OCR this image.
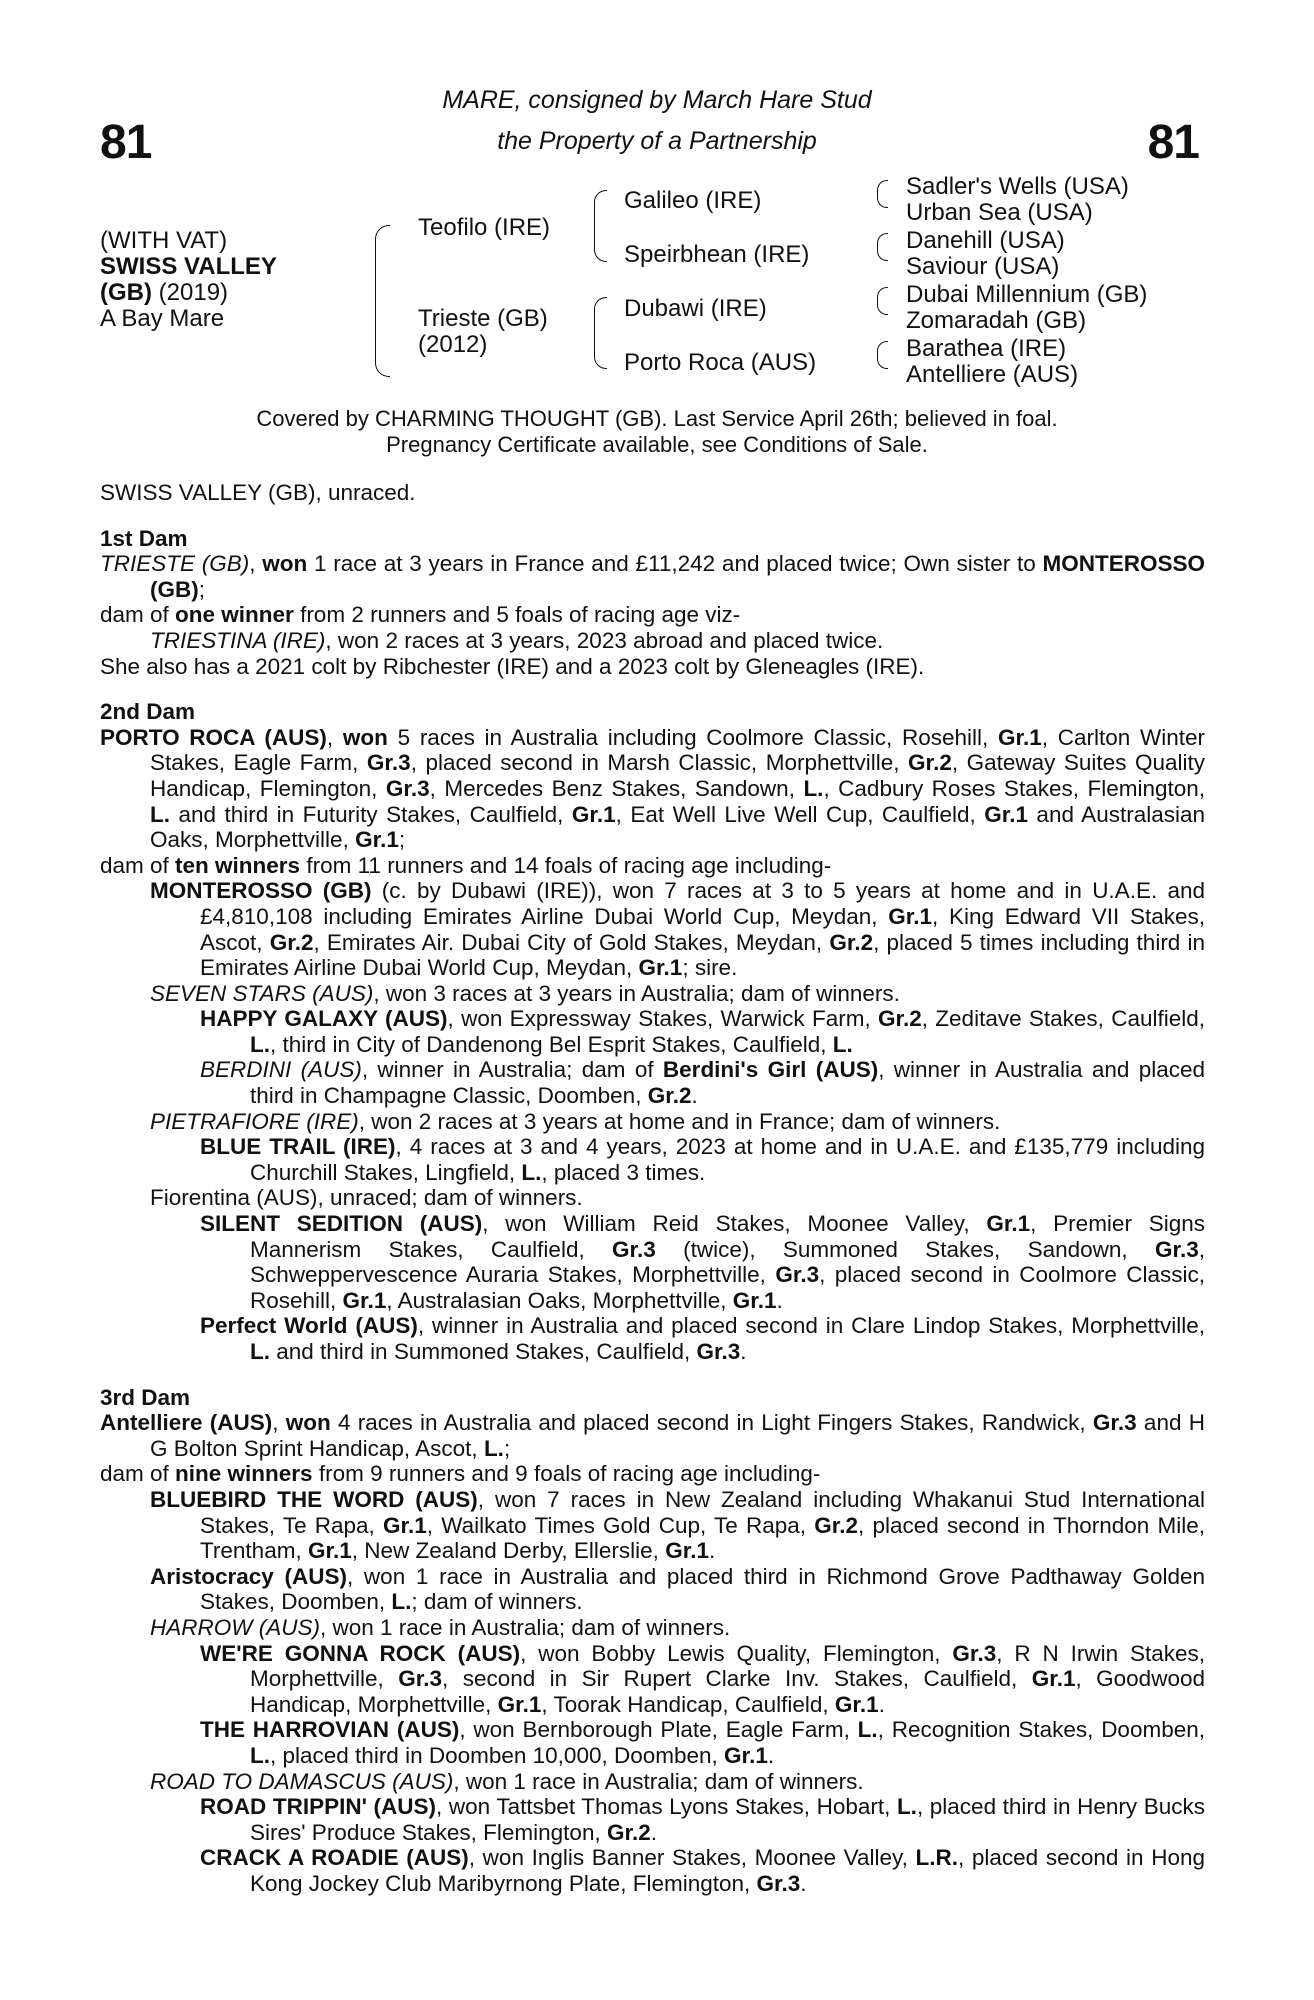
81	81
MARE, consigned by March Hare Stud
the Property of a Partnership
(WITH VAT)
SWISS VALLEY
(GB) (2019)
A Bay Mare
Teofilo (IRE)
Trieste (GB)
(2012)
Galileo (IRE)
Speirbhean (IRE)
Dubawi (IRE)
Porto Roca (AUS)
Sadler's Wells (USA)
Urban Sea (USA)
Danehill (USA)
Saviour (USA)
Dubai Millennium (GB)
Zomaradah (GB)
Barathea (IRE)
Antelliere (AUS)
Covered by CHARMING THOUGHT (GB). Last Service April 26th; believed in foal.
Pregnancy Certificate available, see Conditions of Sale.
SWISS VALLEY (GB), unraced.
1st Dam
TRIESTE (GB), won 1 race at 3 years in France and £11,242 and placed twice; Own sister to MONTEROSSO (GB);
dam of one winner from 2 runners and 5 foals of racing age viz-
TRIESTINA (IRE), won 2 races at 3 years, 2023 abroad and placed twice.
She also has a 2021 colt by Ribchester (IRE) and a 2023 colt by Gleneagles (IRE).
2nd Dam
PORTO ROCA (AUS), won 5 races in Australia including Coolmore Classic, Rosehill, Gr.1, Carlton Winter Stakes, Eagle Farm, Gr.3, placed second in Marsh Classic, Morphettville, Gr.2, Gateway Suites Quality Handicap, Flemington, Gr.3, Mercedes Benz Stakes, Sandown, L., Cadbury Roses Stakes, Flemington, L. and third in Futurity Stakes, Caulfield, Gr.1, Eat Well Live Well Cup, Caulfield, Gr.1 and Australasian Oaks, Morphettville, Gr.1;
dam of ten winners from 11 runners and 14 foals of racing age including-
MONTEROSSO (GB) (c. by Dubawi (IRE)), won 7 races at 3 to 5 years at home and in U.A.E. and £4,810,108 including Emirates Airline Dubai World Cup, Meydan, Gr.1, King Edward VII Stakes, Ascot, Gr.2, Emirates Air. Dubai City of Gold Stakes, Meydan, Gr.2, placed 5 times including third in Emirates Airline Dubai World Cup, Meydan, Gr.1; sire.
SEVEN STARS (AUS), won 3 races at 3 years in Australia; dam of winners.
HAPPY GALAXY (AUS), won Expressway Stakes, Warwick Farm, Gr.2, Zeditave Stakes, Caulfield, L., third in City of Dandenong Bel Esprit Stakes, Caulfield, L.
BERDINI (AUS), winner in Australia; dam of Berdini's Girl (AUS), winner in Australia and placed third in Champagne Classic, Doomben, Gr.2.
PIETRAFIORE (IRE), won 2 races at 3 years at home and in France; dam of winners.
BLUE TRAIL (IRE), 4 races at 3 and 4 years, 2023 at home and in U.A.E. and £135,779 including Churchill Stakes, Lingfield, L., placed 3 times.
Fiorentina (AUS), unraced; dam of winners.
SILENT SEDITION (AUS), won William Reid Stakes, Moonee Valley, Gr.1, Premier Signs Mannerism Stakes, Caulfield, Gr.3 (twice), Summoned Stakes, Sandown, Gr.3, Schweppervescence Auraria Stakes, Morphettville, Gr.3, placed second in Coolmore Classic, Rosehill, Gr.1, Australasian Oaks, Morphettville, Gr.1.
Perfect World (AUS), winner in Australia and placed second in Clare Lindop Stakes, Morphettville, L. and third in Summoned Stakes, Caulfield, Gr.3.
3rd Dam
Antelliere (AUS), won 4 races in Australia and placed second in Light Fingers Stakes, Randwick, Gr.3 and H G Bolton Sprint Handicap, Ascot, L.;
dam of nine winners from 9 runners and 9 foals of racing age including-
BLUEBIRD THE WORD (AUS), won 7 races in New Zealand including Whakanui Stud International Stakes, Te Rapa, Gr.1, Wailkato Times Gold Cup, Te Rapa, Gr.2, placed second in Thorndon Mile, Trentham, Gr.1, New Zealand Derby, Ellerslie, Gr.1.
Aristocracy (AUS), won 1 race in Australia and placed third in Richmond Grove Padthaway Golden Stakes, Doomben, L.; dam of winners.
HARROW (AUS), won 1 race in Australia; dam of winners.
WE'RE GONNA ROCK (AUS), won Bobby Lewis Quality, Flemington, Gr.3, R N Irwin Stakes, Morphettville, Gr.3, second in Sir Rupert Clarke Inv. Stakes, Caulfield, Gr.1, Goodwood Handicap, Morphettville, Gr.1, Toorak Handicap, Caulfield, Gr.1.
THE HARROVIAN (AUS), won Bernborough Plate, Eagle Farm, L., Recognition Stakes, Doomben, L., placed third in Doomben 10,000, Doomben, Gr.1.
ROAD TO DAMASCUS (AUS), won 1 race in Australia; dam of winners.
ROAD TRIPPIN' (AUS), won Tattsbet Thomas Lyons Stakes, Hobart, L., placed third in Henry Bucks Sires' Produce Stakes, Flemington, Gr.2.
CRACK A ROADIE (AUS), won Inglis Banner Stakes, Moonee Valley, L.R., placed second in Hong Kong Jockey Club Maribyrnong Plate, Flemington, Gr.3.
